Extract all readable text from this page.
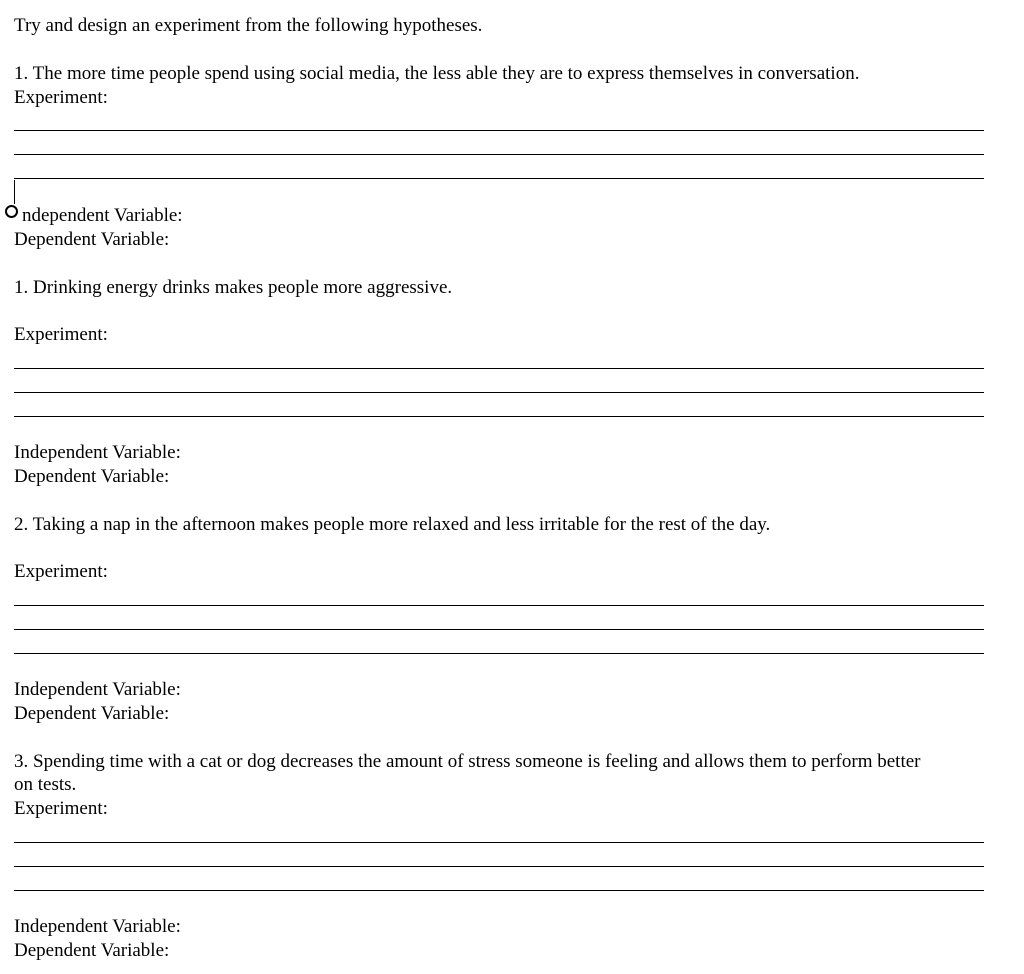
Try and design an experiment from the following hypotheses.
1. The more time people spend using social media, the less able they are to express themselves in conversation.
Experiment:
ndependent Variable:
Dependent Variable:
1. Drinking energy drinks makes people more aggressive.
Experiment:
Independent Variable:
Dependent Variable:
2. Taking a nap in the afternoon makes people more relaxed and less irritable for the rest of the day.
Experiment:
Independent Variable:
Dependent Variable:
3. Spending time with a cat or dog decreases the amount of stress someone is feeling and allows them to perform better
on tests.
Experiment:
Independent Variable:
Dependent Variable:
